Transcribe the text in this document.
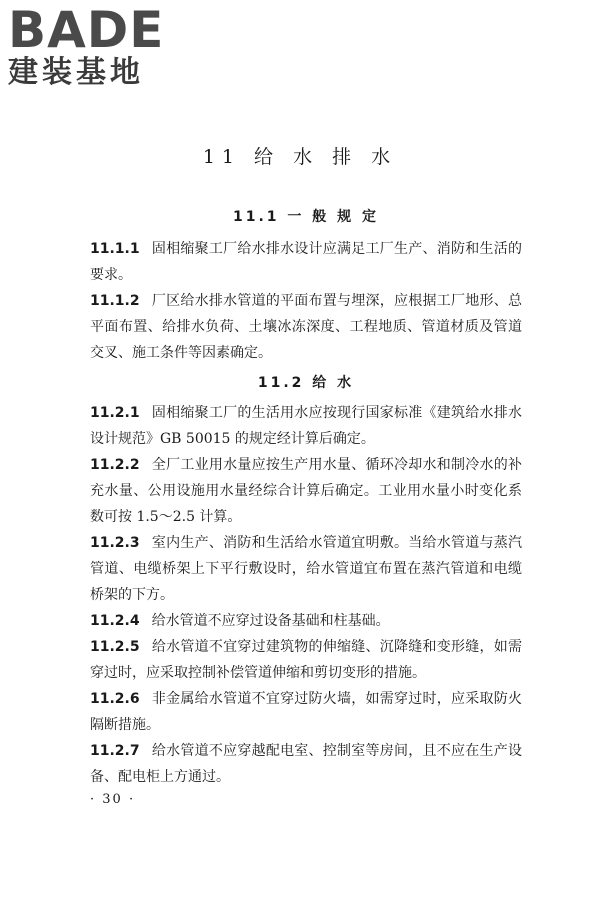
BADE
建装基地
11 给 水 排 水
11.1 一 般 规 定

11.1.1 固相缩聚工厂给水排水设计应满足工厂生产、消防和生活的要求。

11.1.2 厂区给水排水管道的平面布置与埋深，应根据工厂地形、总平面布置、给排水负荷、土壤冰冻深度、工程地质、管道材质及管道交叉、施工条件等因素确定。

11.2 给 水

11.2.1 固相缩聚工厂的生活用水应按现行国家标准《建筑给水排水设计规范》GB 50015 的规定经计算后确定。

11.2.2 全厂工业用水量应按生产用水量、循环冷却水和制冷水的补充水量、公用设施用水量经综合计算后确定。工业用水量小时变化系数可按 1.5～2.5 计算。

11.2.3 室内生产、消防和生活给水管道宜明敷。当给水管道与蒸汽管道、电缆桥架上下平行敷设时，给水管道宜布置在蒸汽管道和电缆桥架的下方。

11.2.4 给水管道不应穿过设备基础和柱基础。

11.2.5 给水管道不宜穿过建筑物的伸缩缝、沉降缝和变形缝，如需穿过时，应采取控制补偿管道伸缩和剪切变形的措施。

11.2.6 非金属给水管道不宜穿过防火墙，如需穿过时，应采取防火隔断措施。

11.2.7 给水管道不应穿越配电室、控制室等房间，且不应在生产设备、配电柜上方通过。

· 30 ·
